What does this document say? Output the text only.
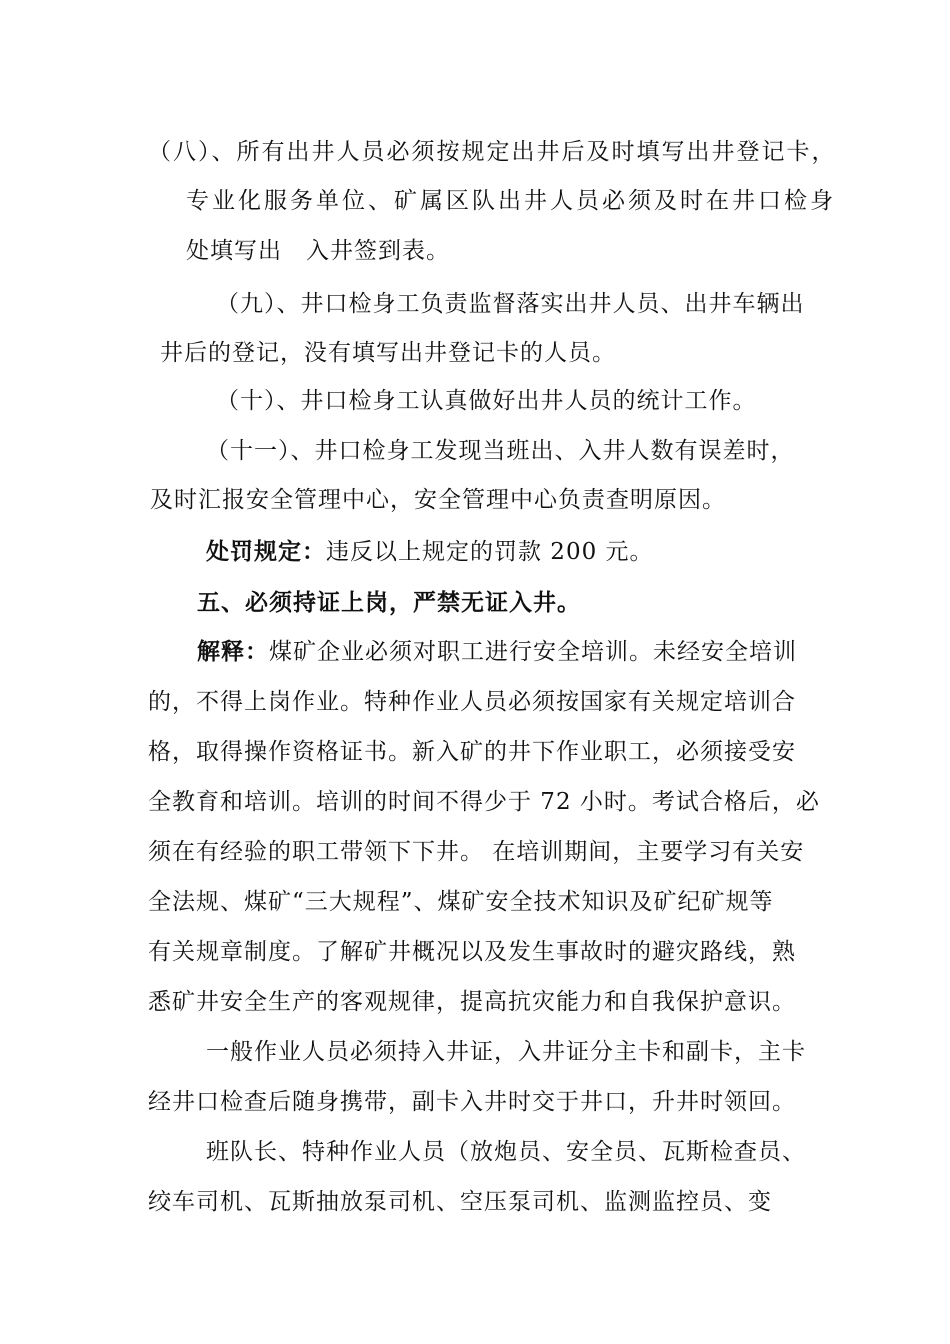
（八）、所有出井人员必须按规定出井后及时填写出井登记卡，
专业化服务单位、矿属区队出井人员必须及时在井口检身
处填写出　入井签到表。
（九）、井口检身工负责监督落实出井人员、出井车辆出
井后的登记，没有填写出井登记卡的人员。
（十）、井口检身工认真做好出井人员的统计工作。
（十一）、井口检身工发现当班出、入井人数有误差时，
及时汇报安全管理中心，安全管理中心负责查明原因。
处罚规定：违反以上规定的罚款 200 元。
五、必须持证上岗，严禁无证入井。
解释：煤矿企业必须对职工进行安全培训。未经安全培训
的，不得上岗作业。特种作业人员必须按国家有关规定培训合
格，取得操作资格证书。新入矿的井下作业职工，必须接受安
全教育和培训。培训的时间不得少于 72 小时。考试合格后，必
须在有经验的职工带领下下井。 在培训期间，主要学习有关安
全法规、煤矿“三大规程”、煤矿安全技术知识及矿纪矿规等
有关规章制度。了解矿井概况以及发生事故时的避灾路线，熟
悉矿井安全生产的客观规律，提高抗灾能力和自我保护意识。
一般作业人员必须持入井证，入井证分主卡和副卡，主卡
经井口检查后随身携带，副卡入井时交于井口，升井时领回。
班队长、特种作业人员（放炮员、安全员、瓦斯检查员、
绞车司机、瓦斯抽放泵司机、空压泵司机、监测监控员、变
